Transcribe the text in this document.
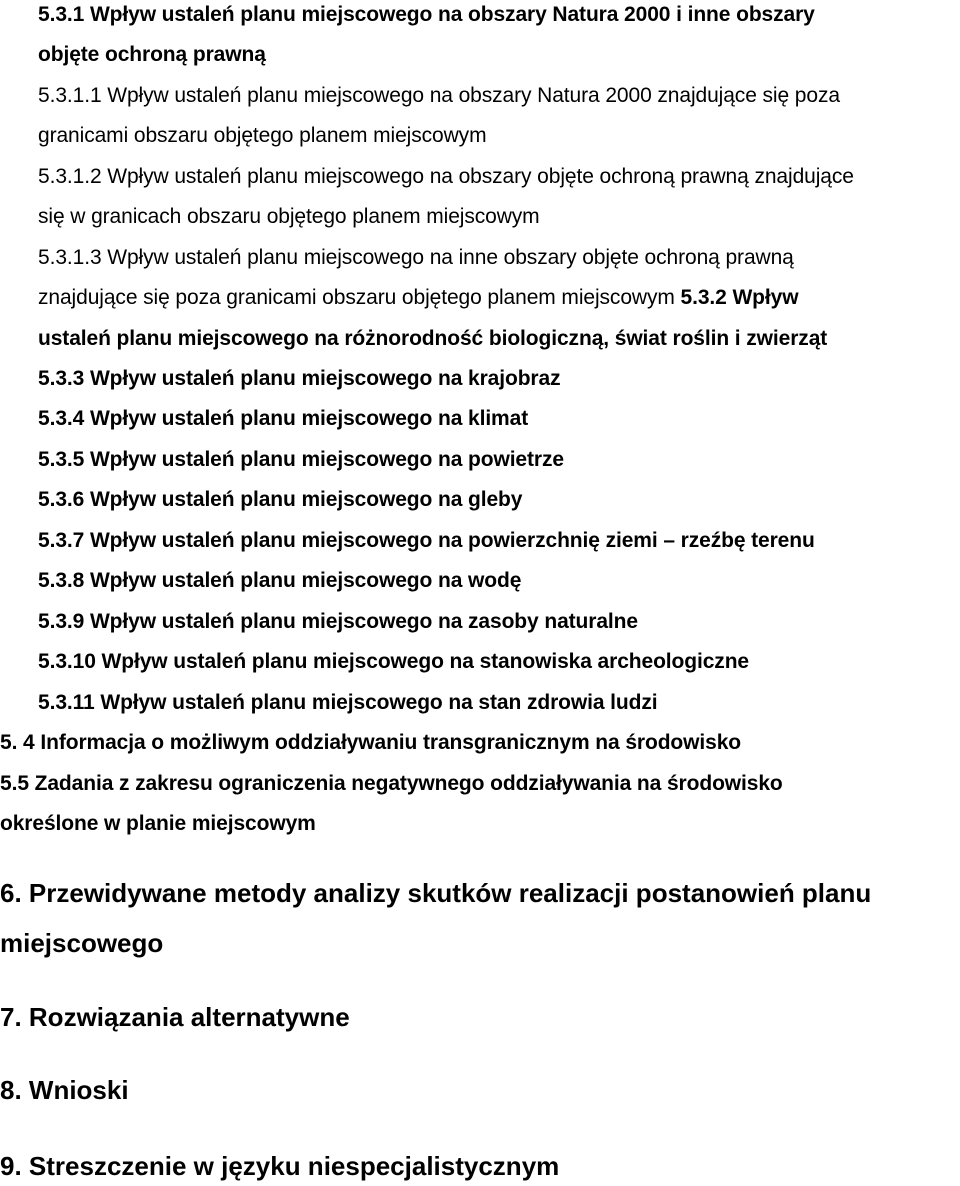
5.3.1 Wpływ ustaleń planu miejscowego na obszary Natura 2000 i inne obszary
objęte ochroną prawną
5.3.1.1 Wpływ ustaleń planu miejscowego na obszary Natura 2000 znajdujące się poza
granicami obszaru objętego planem miejscowym
5.3.1.2 Wpływ ustaleń planu miejscowego na obszary objęte ochroną prawną znajdujące
się w granicach obszaru objętego planem miejscowym
5.3.1.3 Wpływ ustaleń planu miejscowego na inne obszary objęte ochroną prawną
znajdujące się poza granicami obszaru objętego planem miejscowym 5.3.2 Wpływ
ustaleń planu miejscowego na różnorodność biologiczną, świat roślin i zwierząt
5.3.3 Wpływ ustaleń planu miejscowego na krajobraz
5.3.4 Wpływ ustaleń planu miejscowego na klimat
5.3.5 Wpływ ustaleń planu miejscowego na powietrze
5.3.6 Wpływ ustaleń planu miejscowego na gleby
5.3.7 Wpływ ustaleń planu miejscowego na powierzchnię ziemi – rzeźbę terenu
5.3.8 Wpływ ustaleń planu miejscowego na wodę
5.3.9 Wpływ ustaleń planu miejscowego na zasoby naturalne
5.3.10 Wpływ ustaleń planu miejscowego na stanowiska archeologiczne
5.3.11 Wpływ ustaleń planu miejscowego na stan zdrowia ludzi
5. 4 Informacja o możliwym oddziaływaniu transgranicznym na środowisko
5.5 Zadania z zakresu ograniczenia negatywnego oddziaływania na środowisko
określone w planie miejscowym
6. Przewidywane metody analizy skutków realizacji postanowień planu
miejscowego
7. Rozwiązania alternatywne
8. Wnioski
9. Streszczenie w języku niespecjalistycznym
